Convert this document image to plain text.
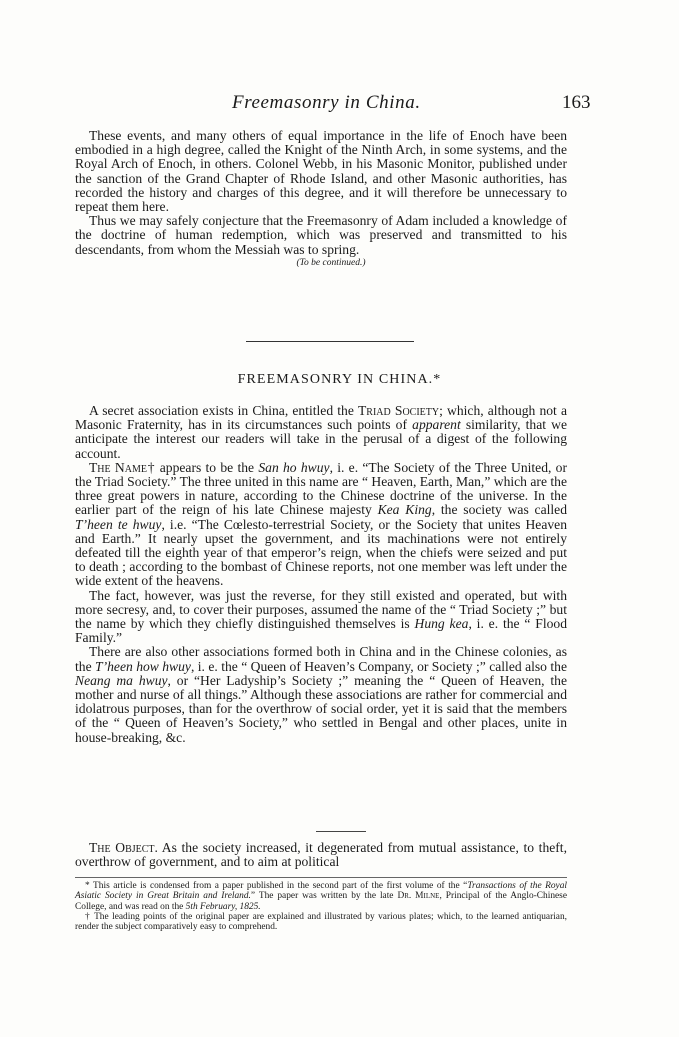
Freemasonry in China.	163

These events, and many others of equal importance in the life of Enoch have been embodied in a high degree, called the Knight of the Ninth Arch, in some systems, and the Royal Arch of Enoch, in others. Colonel Webb, in his Masonic Monitor, published under the sanction of the Grand Chapter of Rhode Island, and other Masonic authorities, has recorded the history and charges of this degree, and it will therefore be unnecessary to repeat them here.

Thus we may safely conjecture that the Freemasonry of Adam included a knowledge of the doctrine of human redemption, which was preserved and transmitted to his descendants, from whom the Messiah was to spring.

(To be continued.)

FREEMASONRY IN CHINA.*

A secret association exists in China, entitled the Triad Society; which, although not a Masonic Fraternity, has in its circumstances such points of apparent similarity, that we anticipate the interest our readers will take in the perusal of a digest of the following account.

The Name† appears to be the San ho hwuy, i. e. “The Society of the Three United, or the Triad Society.” The three united in this name are “ Heaven, Earth, Man,” which are the three great powers in nature, according to the Chinese doctrine of the universe. In the earlier part of the reign of his late Chinese majesty Kea King, the society was called T’heen te hwuy, i.e. “The Cœlesto-terrestrial Society, or the Society that unites Heaven and Earth.” It nearly upset the government, and its machinations were not entirely defeated till the eighth year of that emperor’s reign, when the chiefs were seized and put to death ; according to the bombast of Chinese reports, not one member was left under the wide extent of the heavens.

The fact, however, was just the reverse, for they still existed and operated, but with more secresy, and, to cover their purposes, assumed the name of the “ Triad Society ;” but the name by which they chiefly distinguished themselves is Hung kea, i. e. the “ Flood Family.”

There are also other associations formed both in China and in the Chinese colonies, as the T’heen how hwuy, i. e. the “ Queen of Heaven’s Company, or Society ;” called also the Neang ma hwuy, or “Her Ladyship’s Society ;” meaning the “ Queen of Heaven, the mother and nurse of all things.” Although these associations are rather for commercial and idolatrous purposes, than for the overthrow of social order, yet it is said that the members of the “ Queen of Heaven’s Society,” who settled in Bengal and other places, unite in house-breaking, &c.

The Object. As the society increased, it degenerated from mutual assistance, to theft, overthrow of government, and to aim at political

* This article is condensed from a paper published in the second part of the first volume of the “Transactions of the Royal Asiatic Society in Great Britain and Ireland.” The paper was written by the late Dr. Milne, Principal of the Anglo-Chinese College, and was read on the 5th February, 1825.

† The leading points of the original paper are explained and illustrated by various plates; which, to the learned antiquarian, render the subject comparatively easy to comprehend.
